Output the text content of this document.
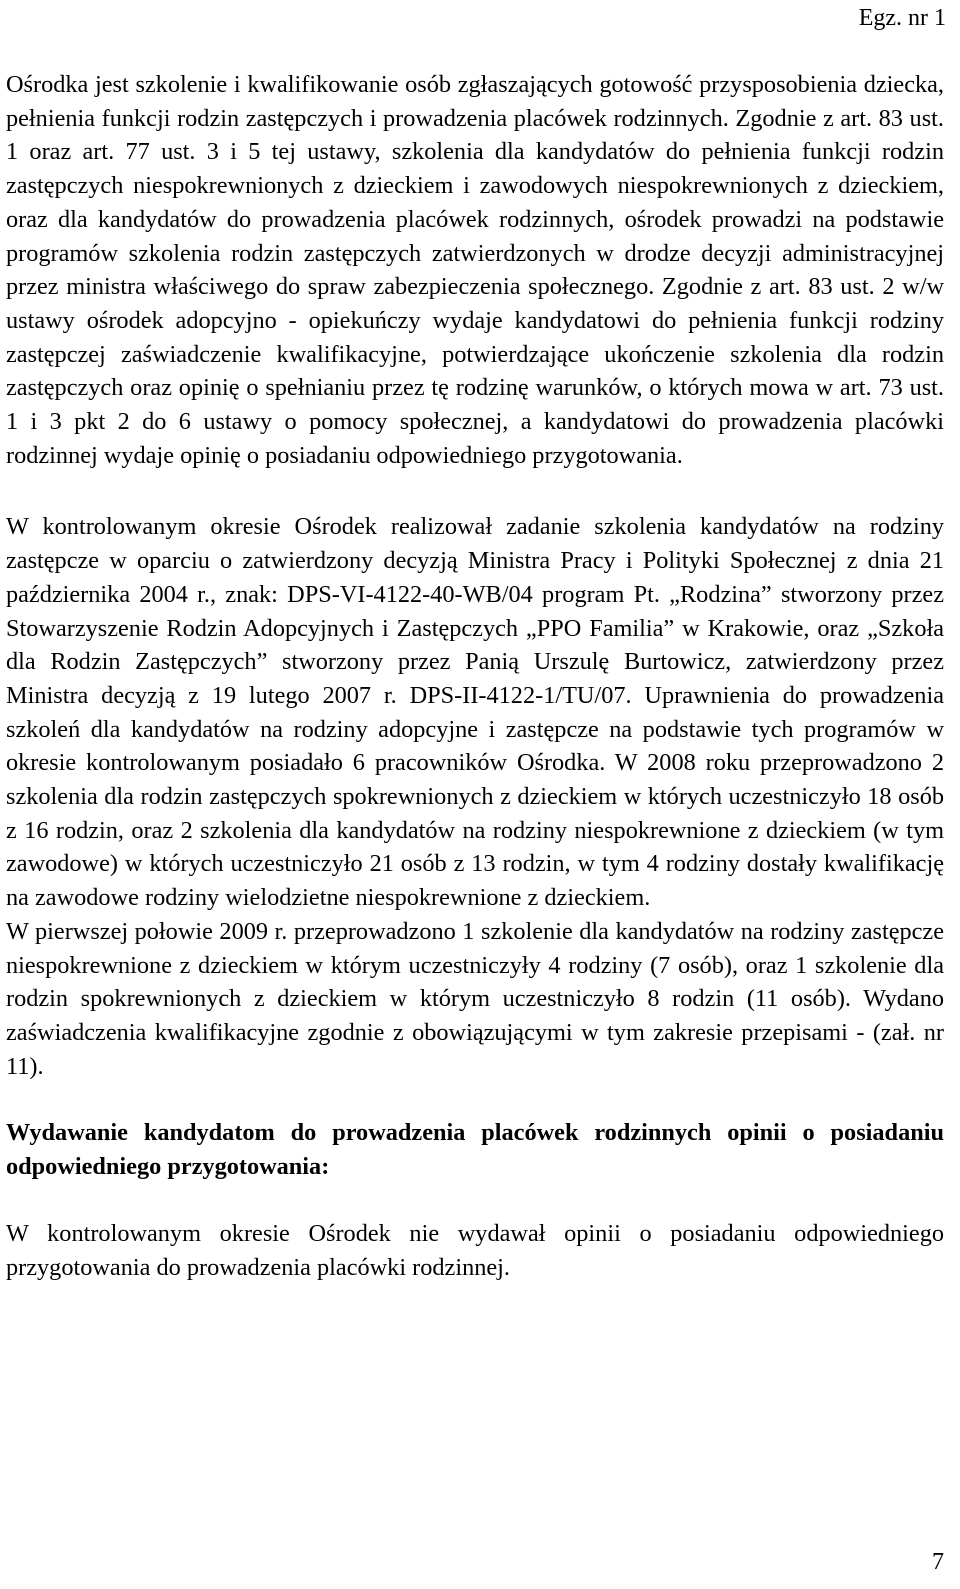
Egz. nr 1

Ośrodka jest szkolenie i kwalifikowanie osób zgłaszających gotowość przysposobienia dziecka, pełnienia funkcji rodzin zastępczych i prowadzenia placówek rodzinnych. Zgodnie z art. 83 ust. 1 oraz art. 77 ust. 3 i 5 tej ustawy, szkolenia dla kandydatów do pełnienia funkcji rodzin zastępczych niespokrewnionych z dzieckiem i zawodowych niespokrewnionych z dzieckiem, oraz dla kandydatów do prowadzenia placówek rodzinnych, ośrodek prowadzi na podstawie programów szkolenia rodzin zastępczych zatwierdzonych w drodze decyzji administracyjnej przez ministra właściwego do spraw zabezpieczenia społecznego. Zgodnie z art. 83 ust. 2 w/w ustawy ośrodek adopcyjno - opiekuńczy wydaje kandydatowi do pełnienia funkcji rodziny zastępczej zaświadczenie kwalifikacyjne, potwierdzające ukończenie szkolenia dla rodzin zastępczych oraz opinię o spełnianiu przez tę rodzinę warunków, o których mowa w art. 73 ust. 1 i 3 pkt 2 do 6 ustawy o pomocy społecznej, a kandydatowi do prowadzenia placówki rodzinnej wydaje opinię o posiadaniu odpowiedniego przygotowania.

W kontrolowanym okresie Ośrodek realizował zadanie szkolenia kandydatów na rodziny zastępcze w oparciu o zatwierdzony decyzją Ministra Pracy i Polityki Społecznej z dnia 21 października 2004 r., znak: DPS-VI-4122-40-WB/04 program Pt. „Rodzina” stworzony przez Stowarzyszenie Rodzin Adopcyjnych i Zastępczych „PPO Familia” w Krakowie, oraz „Szkoła dla Rodzin Zastępczych” stworzony przez Panią Urszulę Burtowicz, zatwierdzony przez Ministra decyzją z 19 lutego 2007 r. DPS-II-4122-1/TU/07. Uprawnienia do prowadzenia szkoleń dla kandydatów na rodziny adopcyjne i zastępcze na podstawie tych programów w okresie kontrolowanym posiadało 6 pracowników Ośrodka. W 2008 roku przeprowadzono 2 szkolenia dla rodzin zastępczych spokrewnionych z dzieckiem w których uczestniczyło 18 osób z 16 rodzin, oraz 2 szkolenia dla kandydatów na rodziny niespokrewnione z dzieckiem (w tym zawodowe) w których uczestniczyło 21 osób z 13 rodzin, w tym 4 rodziny dostały kwalifikację na zawodowe rodziny wielodzietne niespokrewnione z dzieckiem.

W pierwszej połowie 2009 r. przeprowadzono 1 szkolenie dla kandydatów na rodziny zastępcze niespokrewnione z dzieckiem w którym uczestniczyły 4 rodziny (7 osób), oraz 1 szkolenie dla rodzin spokrewnionych z dzieckiem w którym uczestniczyło 8 rodzin (11 osób). Wydano zaświadczenia kwalifikacyjne zgodnie z obowiązującymi w tym zakresie przepisami - (zał. nr 11).

Wydawanie kandydatom do prowadzenia placówek rodzinnych opinii o posiadaniu odpowiedniego przygotowania:

W kontrolowanym okresie Ośrodek nie wydawał opinii o posiadaniu odpowiedniego przygotowania do prowadzenia placówki rodzinnej.

7
